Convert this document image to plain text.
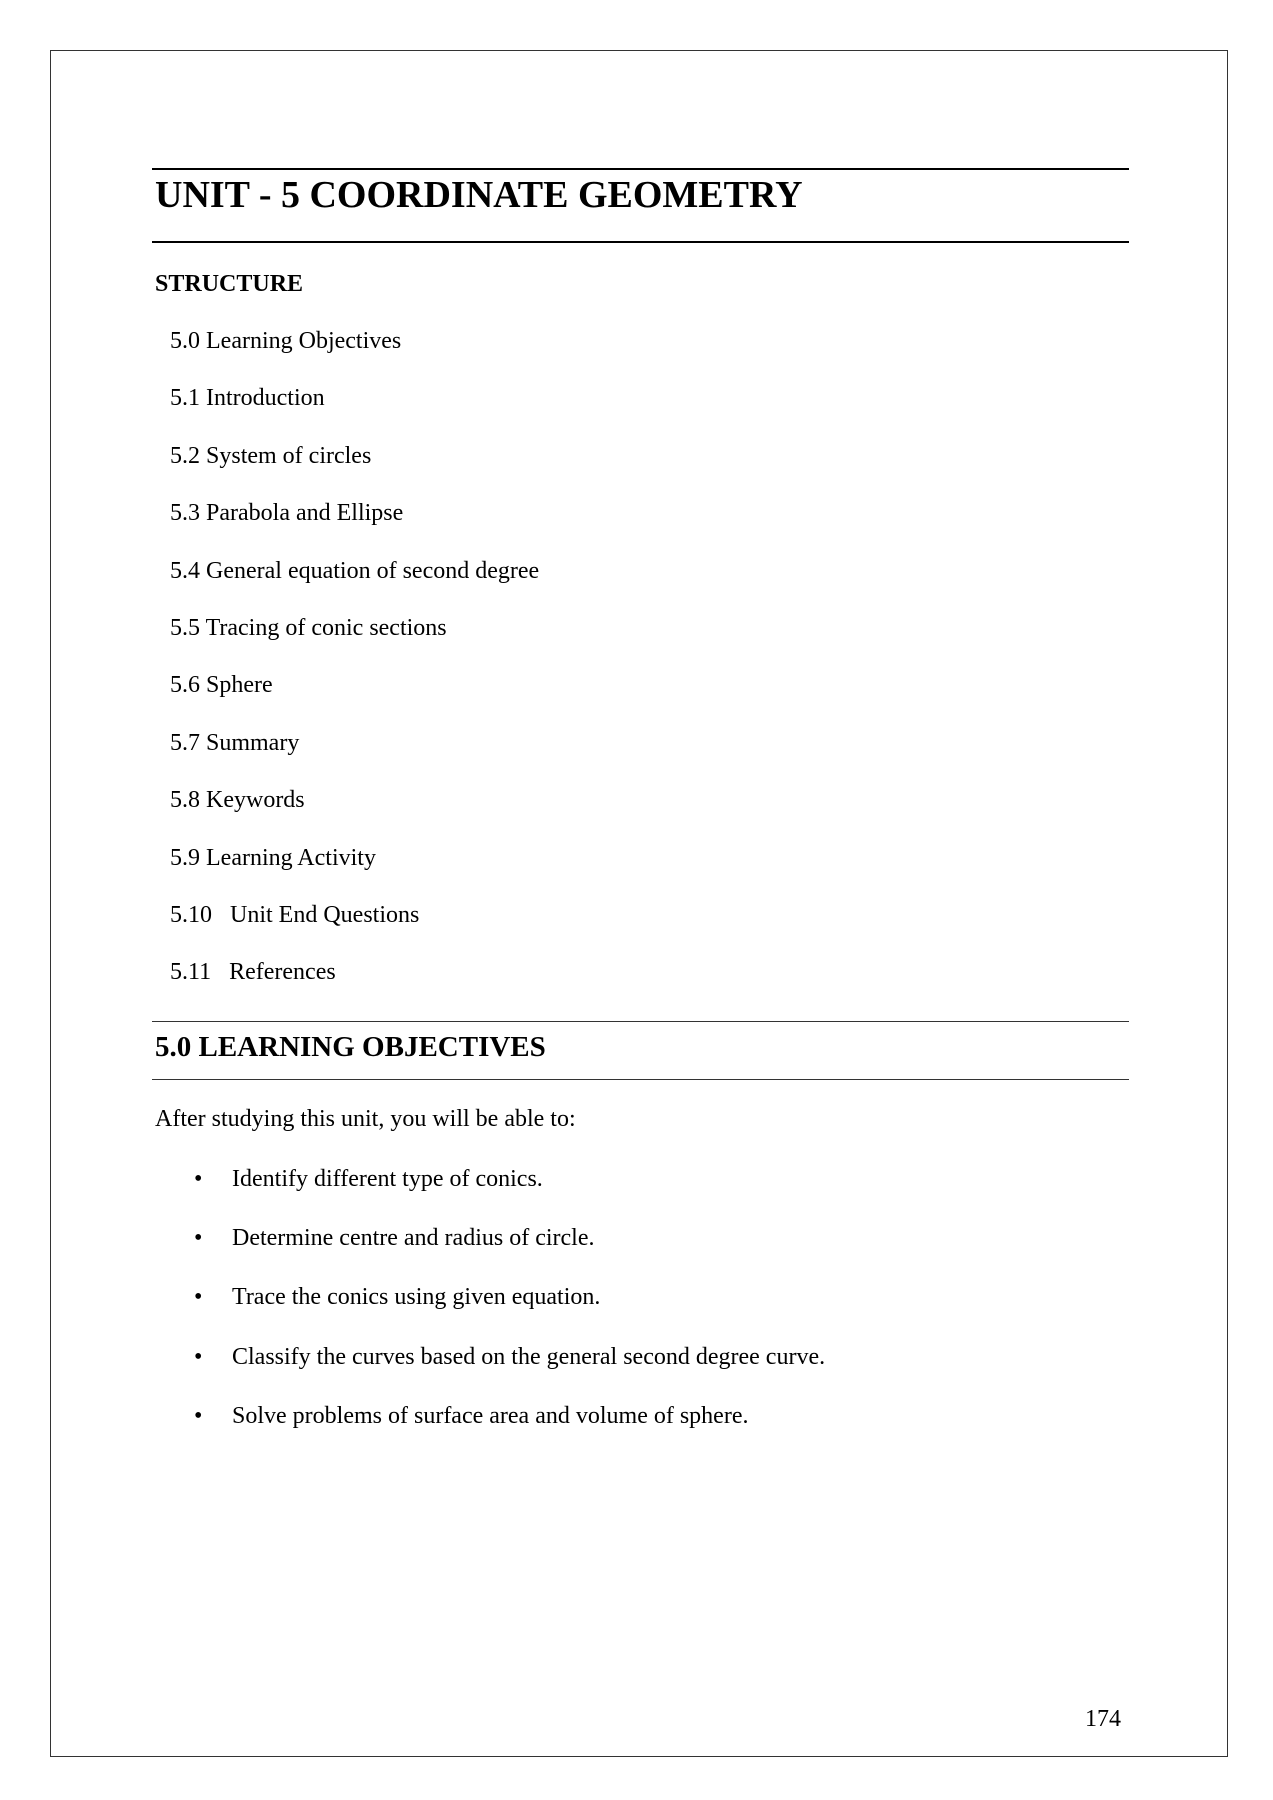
UNIT - 5 COORDINATE GEOMETRY
STRUCTURE
5.0 Learning Objectives
5.1 Introduction
5.2 System of circles
5.3 Parabola and Ellipse
5.4 General equation of second degree
5.5 Tracing of conic sections
5.6 Sphere
5.7 Summary
5.8 Keywords
5.9 Learning Activity
5.10   Unit End Questions
5.11   References
5.0 LEARNING OBJECTIVES
After studying this unit, you will be able to:
• Identify different type of conics.
• Determine centre and radius of circle.
• Trace the conics using given equation.
• Classify the curves based on the general second degree curve.
• Solve problems of surface area and volume of sphere.
174
